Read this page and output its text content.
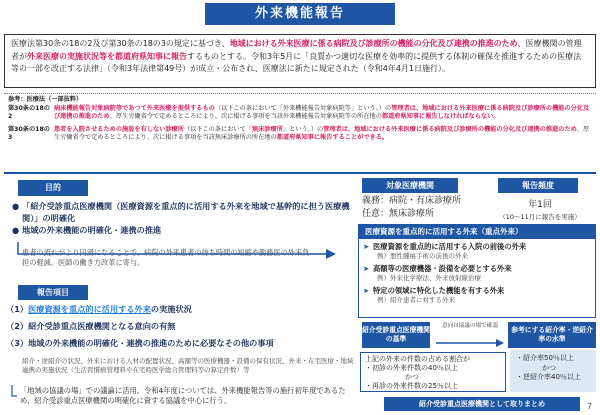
外来機能報告
医療法第30条の18の2及び第30条の18の3の規定に基づき、地域における外来医療に係る病院及び診療所の機能の分化及び連携の推進のため、医療機関の管理者が外来医療の実施状況等を都道府県知事に報告するものとする。令和3年5月に「良質かつ適切な医療を効率的に提供する体制の確保を推進するための医療法等の一部を改正する法律」（令和3年法律第49号）が成立・公布され、医療法に新たに規定された（令和4年4月1日施行）。
参考：医療法（一部抜粋）
第30条の18の2
病床機能報告対象病院等であつて外来医療を提供するもの（以下この条において「外来機能報告対象病院等」という。）の管理者は、地域における外来医療に係る病院及び診療所の機能の分化及び連携の推進のため、厚生労働省令で定めるところにより、次に掲げる事項を当該外来機能報告対象病院等の所在地の都道府県知事に報告しなければならない。
第30条の18の3
患者を入院させるための施設を有しない診療所（以下この条において「無床診療所」という。）の管理者は、地域における外来医療に係る病院及び診療所の機能の分化及び連携の推進のため、厚生労働省令で定めるところにより、次に掲げる事項を当該無床診療所の所在地の都道府県知事に報告することができる。
目的
● 「紹介受診重点医療機関（医療資源を重点的に活用する外来を地域で基幹的に担う医療機関）」の明確化
● 地域の外来機能の明確化・連携の推進
患者の流れがより円滑になることで、病院の外来患者の待ち時間の短縮や勤務医の外来負担の軽減、医師の働き方改革に寄与。
対象医療機関
義務：病院・有床診療所
任意：無床診療所
報告頻度
年1回
（10〜11月に報告を実施）
報告項目
（1）医療資源を重点的に活用する外来の実施状況
（2）紹介受診重点医療機関となる意向の有無
（3）地域の外来機能の明確化・連携の推進のために必要なその他の事項
紹介・逆紹介の状況、外来における人材の配置状況、高額等の医療機器・設備の保有状況、外来・在宅医療・地域連携の実施状況（生活習慣病管理料や在宅時医学総合管理料等の算定件数）等
「地域の協議の場」での議論に活用。令和4年度については、外来機能報告等の施行初年度であるため、紹介受診重点医療機関の明確化に資する協議を中心に行う。
医療資源を重点的に活用する外来（重点外来）
➤ 医療資源を重点的に活用する入院の前後の外来
例）悪性腫瘍手術の前後の外来
➤ 高額等の医療機器・設備を必要とする外来
例）外来化学療法、外来放射線治療
➤ 特定の領域に特化した機能を有する外来
例）紹介患者に対する外来
紹介受診重点医療機関の基準
意向は協議の場で確認
上記の外来の件数の占める割合が
・初診の外来件数の40％以上
かつ
・再診の外来件数の25％以上
参考にする紹介率・逆紹介率の水準
・紹介率50％以上
かつ
・逆紹介率40％以上
紹介受診重点医療機関として取りまとめ	7
